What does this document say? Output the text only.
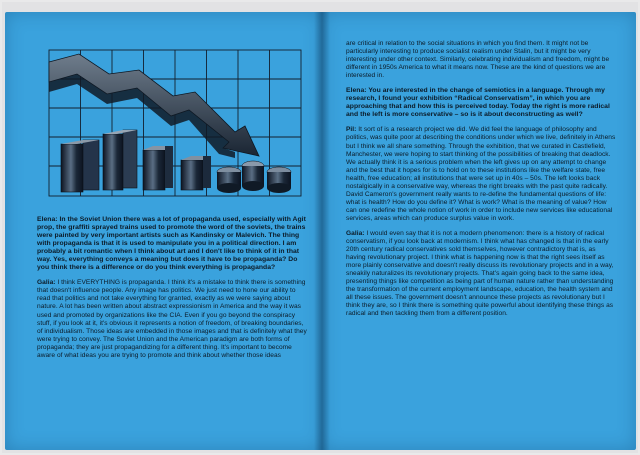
Elena: In the Soviet Union there was a lot of propaganda used, especially with Agit prop, the graffiti sprayed trains used to promote the word of the soviets, the trains were painted by very important artists such as Kandinsky or Malevich. The thing with propaganda is that it is used to manipulate you in a political direction. I am probably a bit romantic when I think about art and I don't like to think of it in that way. Yes, everything conveys a meaning but does it have to be propaganda? Do you think there is a difference or do you think everything is propaganda?

Galia: I think EVERYTHING is propaganda. I think it's a mistake to think there is something that doesn't influence people. Any image has politics. We just need to hone our ability to read that politics and not take everything for granted, exactly as we were saying about nature. A lot has been written about abstract expressionism in America and the way it was used and promoted by organizations like the CIA. Even if you go beyond the conspiracy stuff, if you look at it, it's obvious it represents a notion of freedom, of breaking boundaries, of individualism. Those ideas are embedded in those images and that is definitely what they were trying to convey. The Soviet Union and the American paradigm are both forms of propaganda; they are just propagandizing for a different thing. It's important to become aware of what ideas you are trying to promote and think about whether those ideas

are critical in relation to the social situations in which you find them. It might not be particularly interesting to produce socialist realism under Stalin, but it might be very interesting under other context. Similarly, celebrating individualism and freedom, might be different in 1950s America to what it means now. These are the kind of questions we are interested in.

Elena: You are interested in the change of semiotics in a language. Through my research, I found your exhibition “Radical Conservatism”, in which you are approaching that and how this is perceived today. Today the right is more radical and the left is more conservative – so is it about deconstructing as well?

Pil: It sort of is a research project we did. We did feel the language of philosophy and politics, was quite poor at describing the conditions under which we live, definitely in Athens but I think we all share something. Through the exhibition, that we curated in Castlefield, Manchester, we were hoping to start thinking of the possibilities of breaking that deadlock. We actually think it is a serious problem when the left gives up on any attempt to change and the best that it hopes for is to hold on to these institutions like the welfare state, free health, free education; all institutions that were set up in 40s – 50s. The left looks back nostalgically in a conservative way, whereas the right breaks with the past quite radically. David Cameron's government really wants to re-define the fundamental questions of life: what is health? How do you define it? What is work? What is the meaning of value? How can one redefine the whole notion of work in order to include new services like educational services, areas which can produce surplus value in work.

Galia: I would even say that it is not a modern phenomenon: there is a history of radical conservatism, if you look back at modernism. I think what has changed is that in the early 20th century radical conservatives sold themselves, however contradictory that is, as having revolutionary project. I think what is happening now is that the right sees itself as more plainly conservative and doesn't really discuss its revolutionary projects and in a way, sneakily naturalizes its revolutionary projects. That's again going back to the same idea, presenting things like competition as being part of human nature rather than understanding the transformation of the current employment landscape, education, the health system and all these issues. The government doesn't announce these projects as revolutionary but I think they are, so I think there is something quite powerful about identifying these things as radical and then tackling them from a different position.
